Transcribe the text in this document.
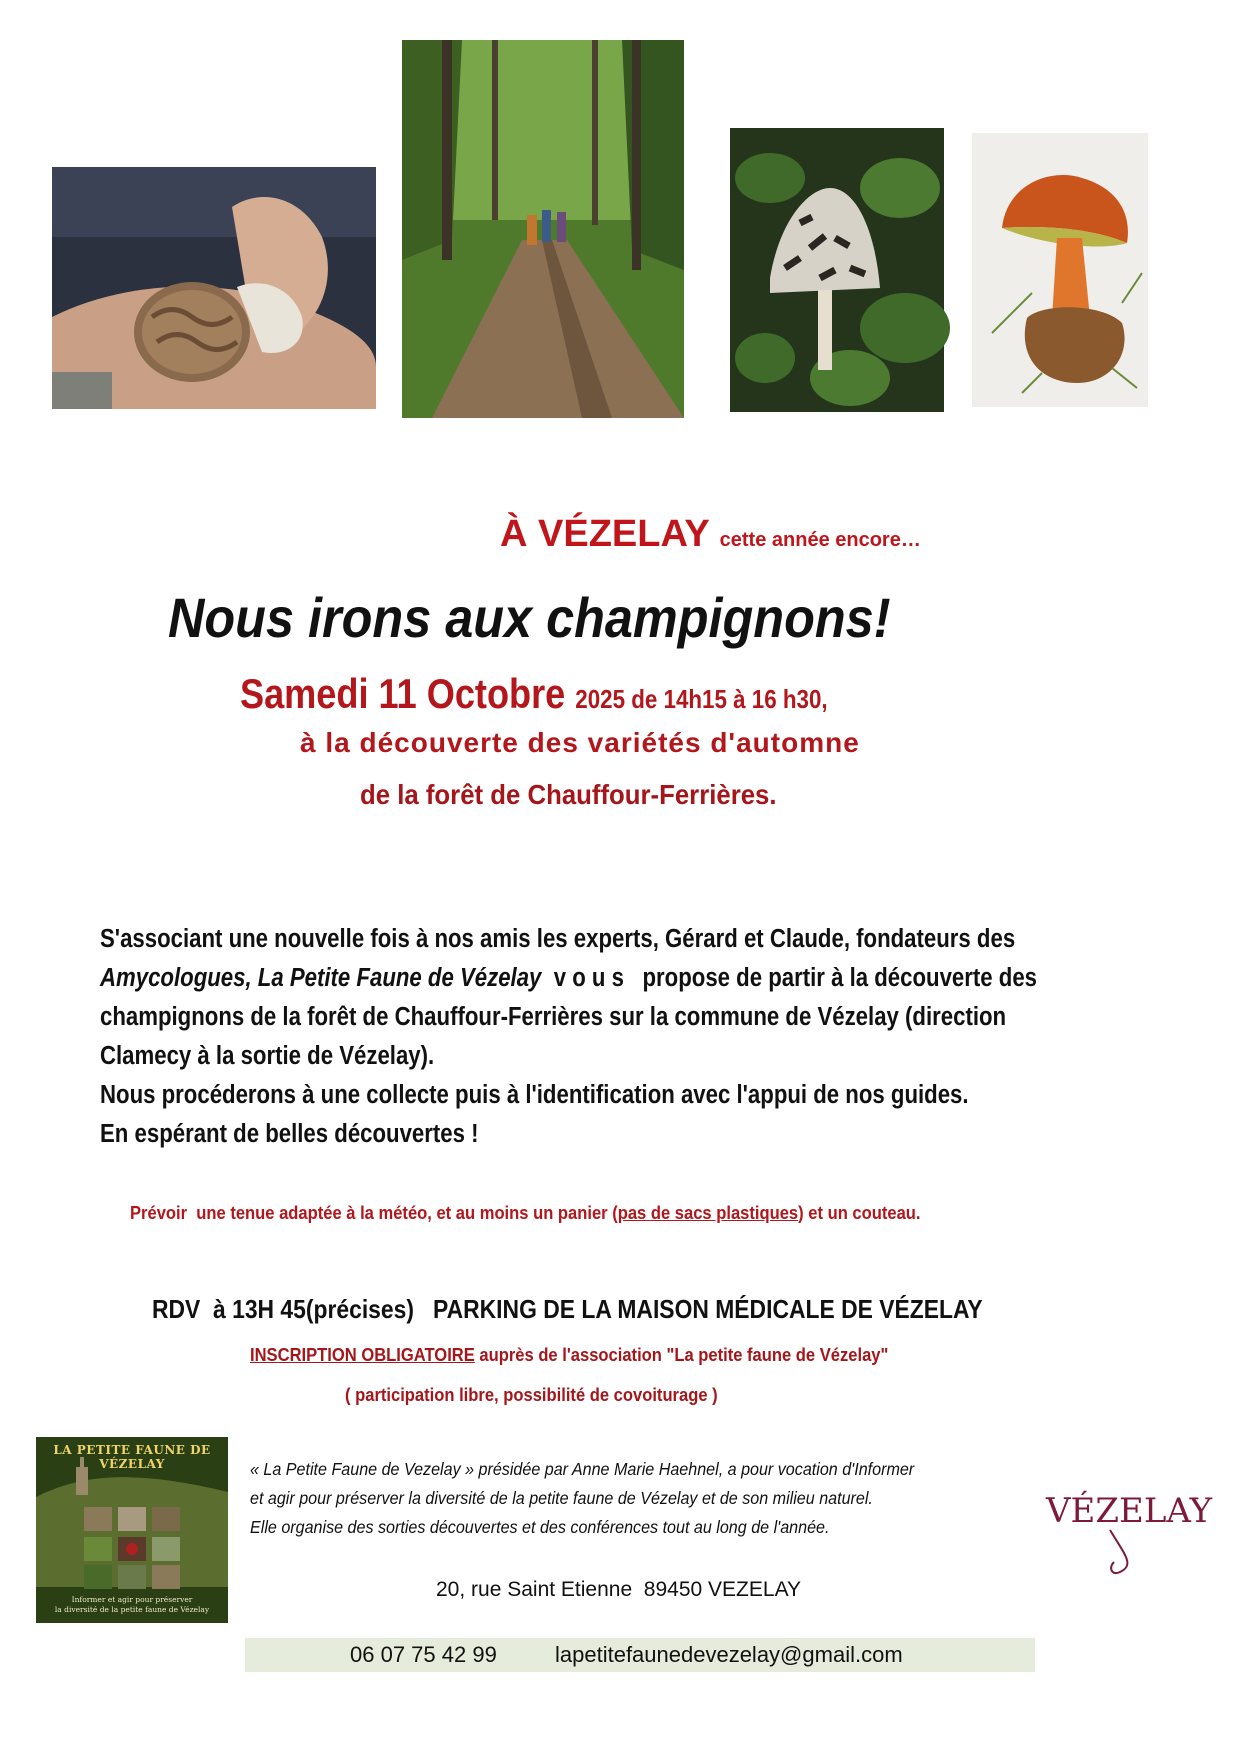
À VÉZELAY cette année encore…
Nous irons aux champignons!
Samedi 11 Octobre 2025 de 14h15 à 16 h30,
à la découverte des variétés d'automne
de la forêt de Chauffour-Ferrières.
S'associant une nouvelle fois à nos amis les experts, Gérard et Claude, fondateurs des
Amycologues, La Petite Faune de Vézelay  v o u s   propose de partir à la découverte des
champignons de la forêt de Chauffour-Ferrières sur la commune de Vézelay (direction
Clamecy à la sortie de Vézelay).
Nous procéderons à une collecte puis à l'identification avec l'appui de nos guides.
En espérant de belles découvertes !
Prévoir  une tenue adaptée à la météo, et au moins un panier (pas de sacs plastiques) et un couteau.
RDV  à 13H 45(précises)   PARKING DE LA MAISON MÉDICALE DE VÉZELAY
INSCRIPTION OBLIGATOIRE auprès de l'association "La petite faune de Vézelay"
( participation libre, possibilité de covoiturage )
LA PETITE FAUNE DE VÉZELAY
Informer et agir pour préserver
la diversité de la petite faune de Vézelay
« La Petite Faune de Vezelay » présidée par Anne Marie Haehnel, a pour vocation d'Informer
et agir pour préserver la diversité de la petite faune de Vézelay et de son milieu naturel.
Elle organise des sorties découvertes et des conférences tout au long de l'année.	VÉZELAY
20, rue Saint Etienne  89450 VEZELAY
06 07 75 42 99	lapetitefaunedevezelay@gmail.com
